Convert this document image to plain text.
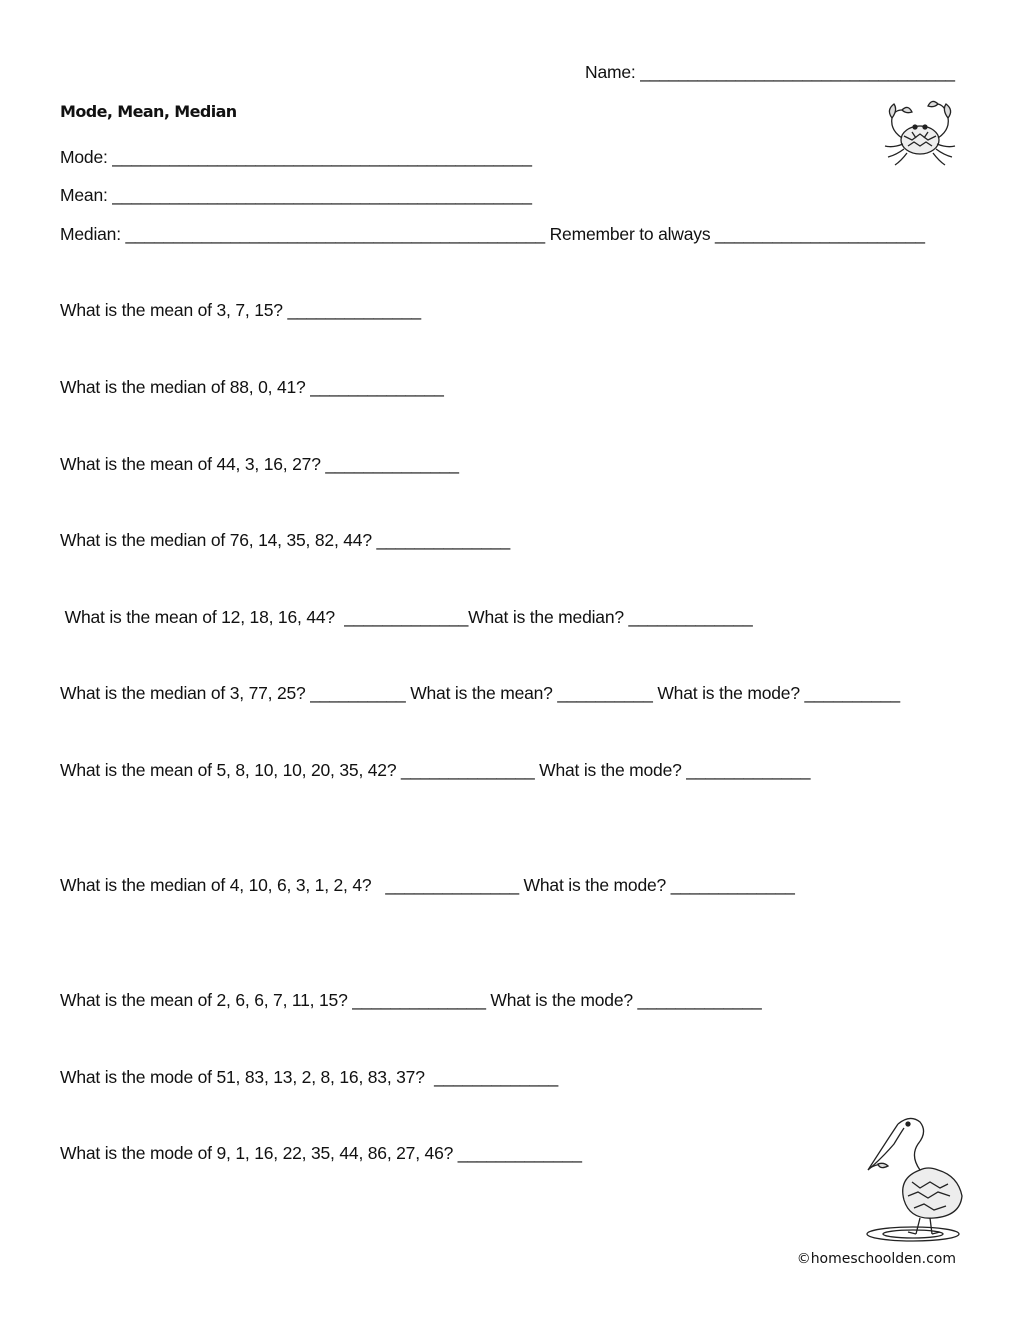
Name: _________________________________
Mode, Mean, Median
Mode: ____________________________________________
Mean: ____________________________________________
Median: ____________________________________________ Remember to always ______________________
What is the mean of 3, 7, 15? ______________
What is the median of 88, 0, 41? ______________
What is the mean of 44, 3, 16, 27? ______________
What is the median of 76, 14, 35, 82, 44? ______________
What is the mean of 12, 18, 16, 44?  _____________What is the median? _____________
What is the median of 3, 77, 25? __________ What is the mean? __________ What is the mode? __________
What is the mean of 5, 8, 10, 10, 20, 35, 42? ______________ What is the mode? _____________
What is the median of 4, 10, 6, 3, 1, 2, 4?   ______________ What is the mode? _____________
What is the mean of 2, 6, 6, 7, 11, 15? ______________ What is the mode? _____________
What is the mode of 51, 83, 13, 2, 8, 16, 83, 37?  _____________
What is the mode of 9, 1, 16, 22, 35, 44, 86, 27, 46? _____________
©homeschoolden.com
